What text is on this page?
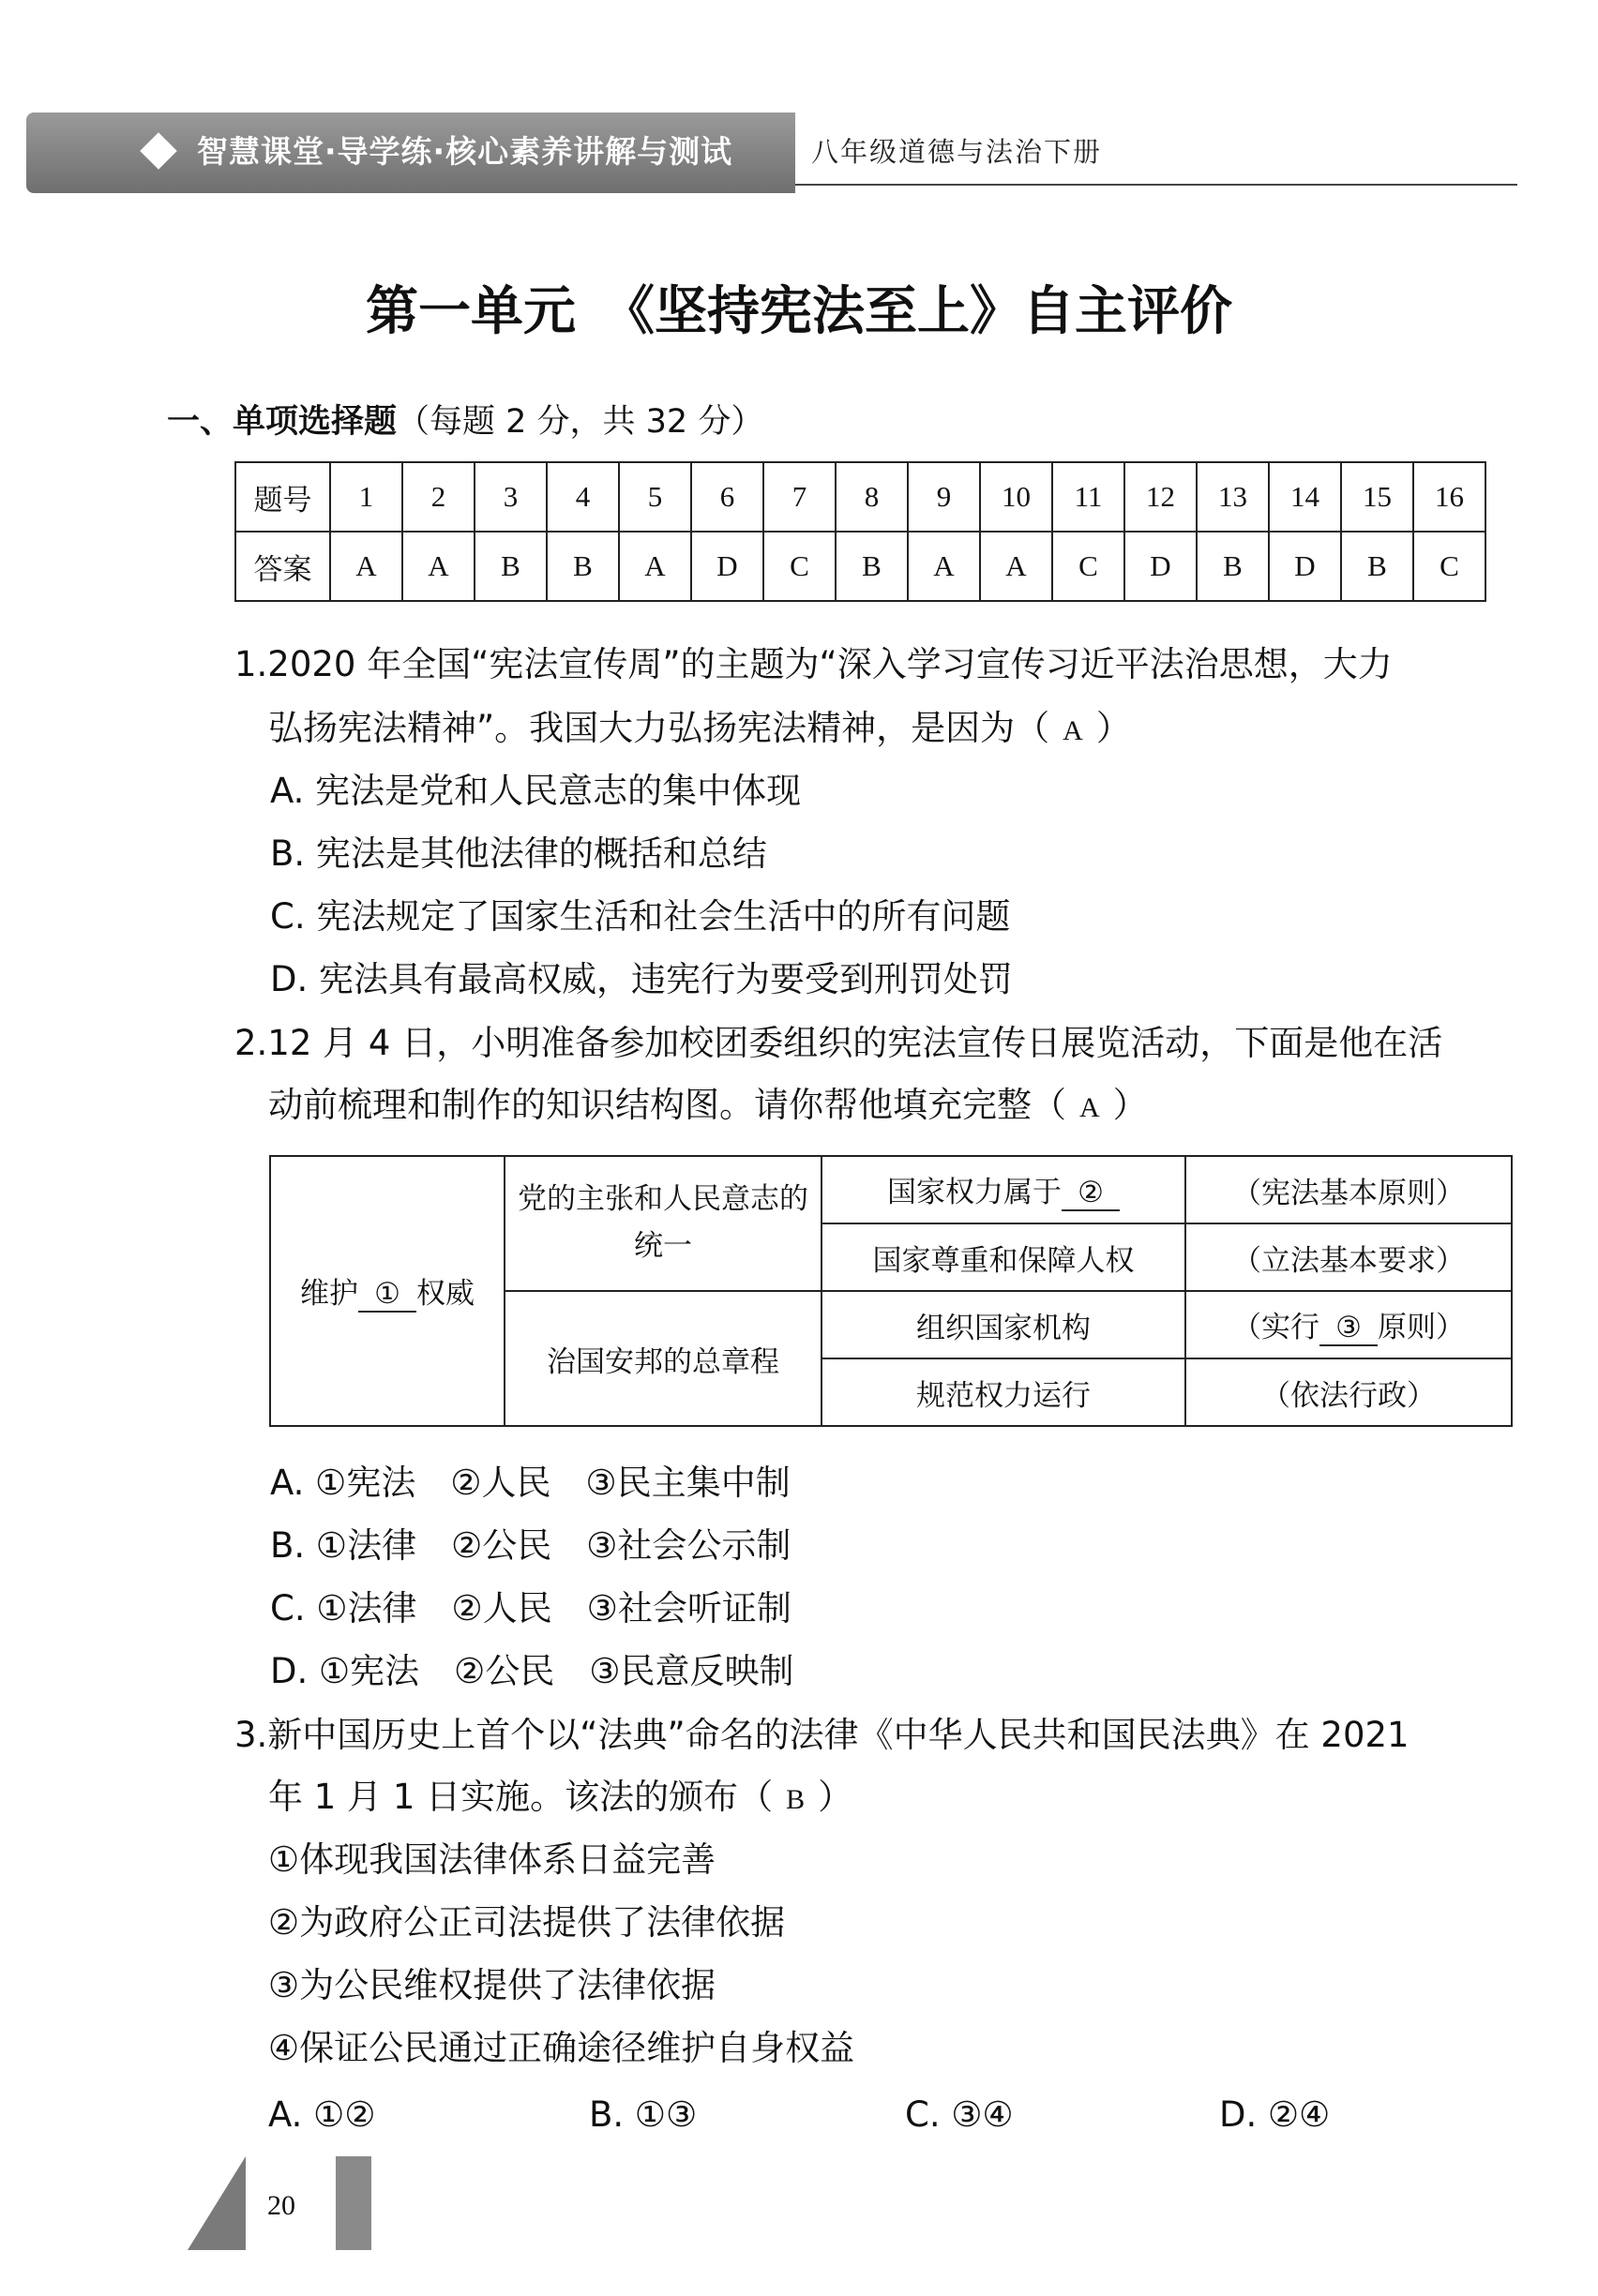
智慧课堂·导学练·核心素养讲解与测试	八年级道德与法治下册
第一单元 《坚持宪法至上》自主评价
一、单项选择题（每题 2 分，共 32 分）
题号	1	2	3	4	5	6	7	8	9	10	11	12	13	14	15	16
答案	A	A	B	B	A	D	C	B	A	A	C	D	B	D	B	C
1.2020 年全国“宪法宣传周”的主题为“深入学习宣传习近平法治思想，大力
弘扬宪法精神”。我国大力弘扬宪法精神，是因为（ A ）
A. 宪法是党和人民意志的集中体现
B. 宪法是其他法律的概括和总结
C. 宪法规定了国家生活和社会生活中的所有问题
D. 宪法具有最高权威，违宪行为要受到刑罚处罚
2.12 月 4 日，小明准备参加校团委组织的宪法宣传日展览活动，下面是他在活
动前梳理和制作的知识结构图。请你帮他填充完整（ A ）
维护 ① 权威	党的主张和人民意志的统一	国家权力属于 ②	（宪法基本原则）
		国家尊重和保障人权	（立法基本要求）
	治国安邦的总章程	组织国家机构	（实行 ③ 原则）
		规范权力运行	（依法行政）
A. ①宪法　②人民　③民主集中制
B. ①法律　②公民　③社会公示制
C. ①法律　②人民　③社会听证制
D. ①宪法　②公民　③民意反映制
3.新中国历史上首个以“法典”命名的法律《中华人民共和国民法典》在 2021
年 1 月 1 日实施。该法的颁布（ B ）
①体现我国法律体系日益完善
②为政府公正司法提供了法律依据
③为公民维权提供了法律依据
④保证公民通过正确途径维护自身权益
A. ①②	B. ①③	C. ③④	D. ②④
20
